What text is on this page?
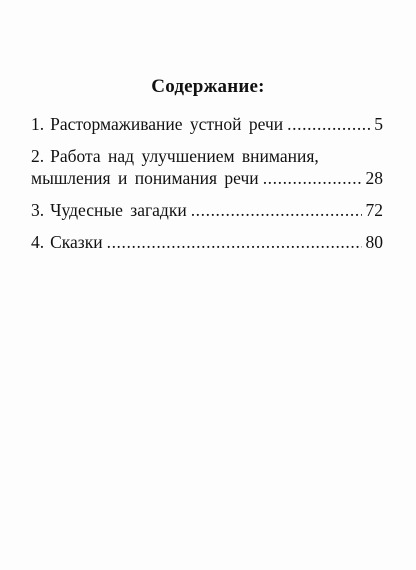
Содержание:
1. Растормаживание устной речи .....	5
2. Работа над улучшением внимания,
мышления и понимания речи .....	28
3. Чудесные загадки .....	72
4. Сказки .....	80
